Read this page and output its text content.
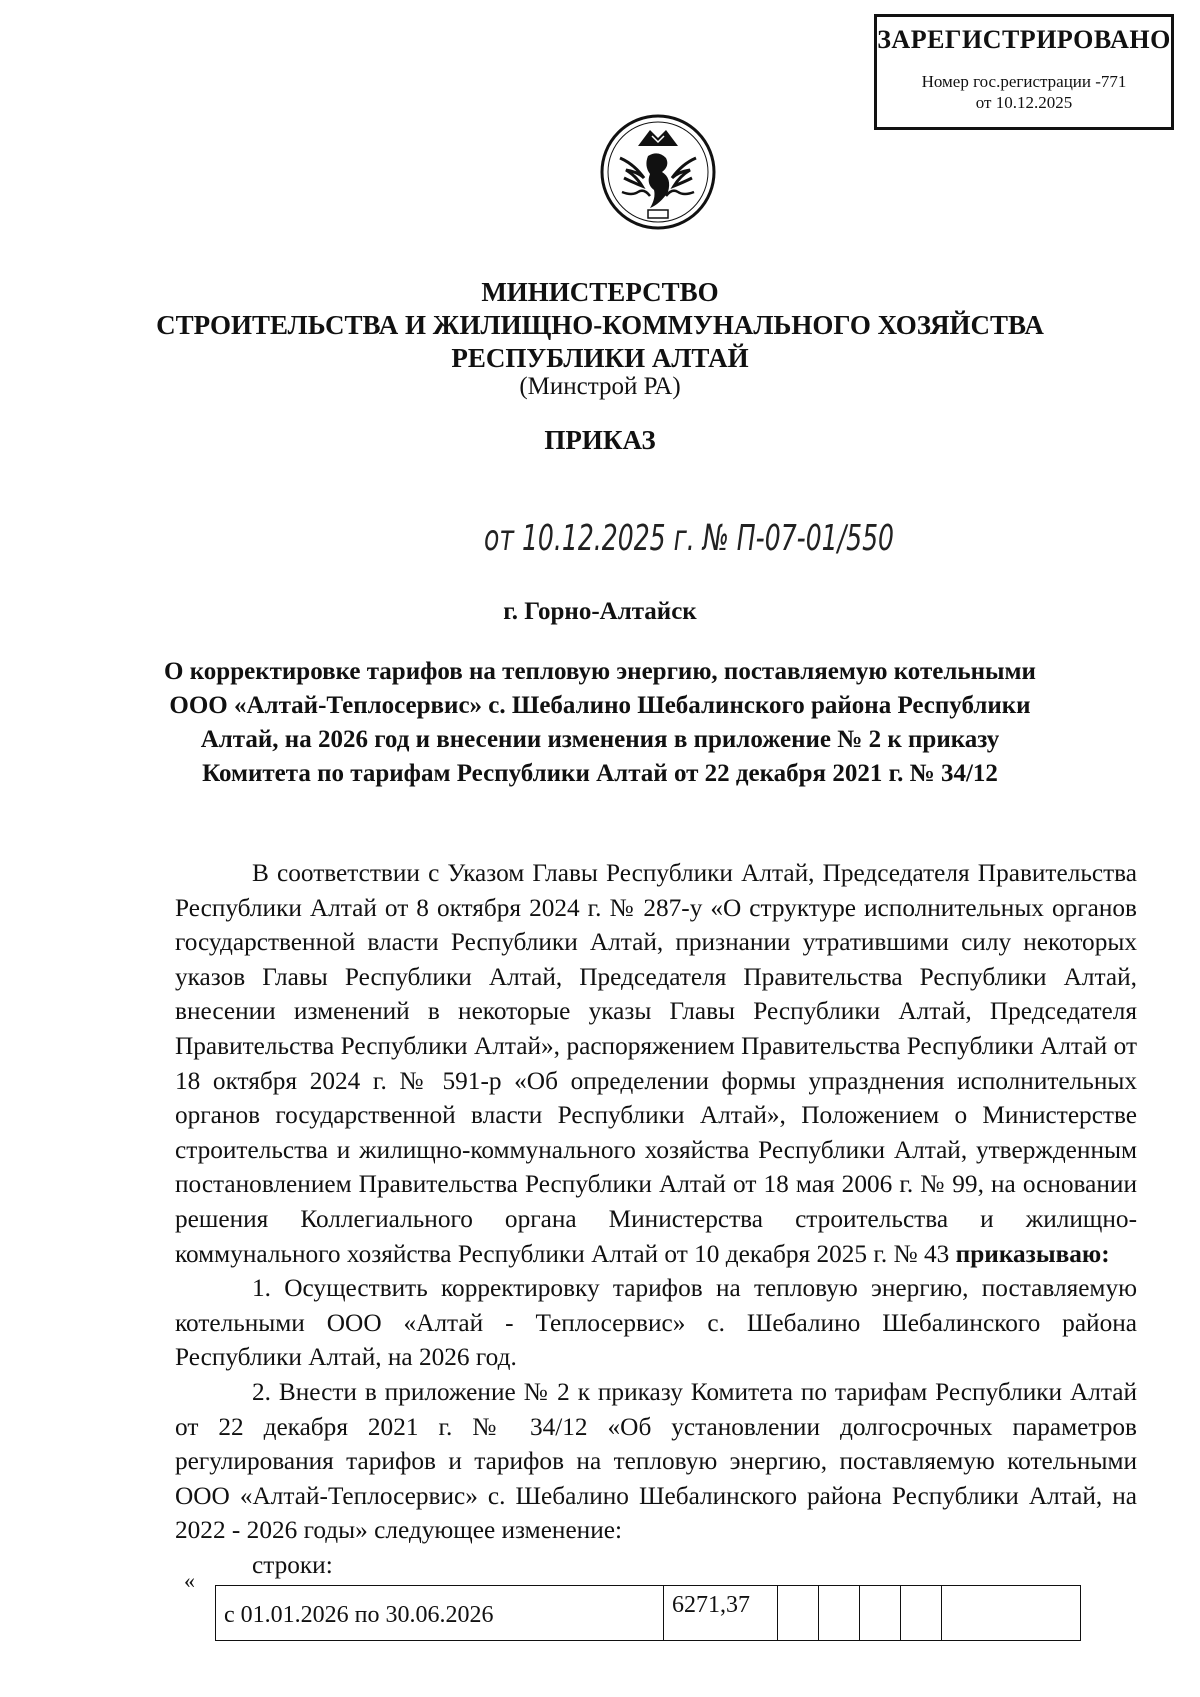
ЗАРЕГИСТРИРОВАНО
Номер гос.регистрации -771
от 10.12.2025
МИНИСТЕРСТВО
СТРОИТЕЛЬСТВА И ЖИЛИЩНО-КОММУНАЛЬНОГО ХОЗЯЙСТВА
РЕСПУБЛИКИ АЛТАЙ
(Минстрой РА)
ПРИКАЗ
от 10.12.2025 г. № П-07-01/550
г. Горно-Алтайск
О корректировке тарифов на тепловую энергию, поставляемую котельными
ООО «Алтай-Теплосервис» с. Шебалино Шебалинского района Республики
Алтай, на 2026 год и внесении изменения в приложение № 2 к приказу
Комитета по тарифам Республики Алтай от 22 декабря 2021 г. № 34/12

В соответствии с Указом Главы Республики Алтай, Председателя Правительства Республики Алтай от 8 октября 2024 г. № 287-у «О структуре исполнительных органов государственной власти Республики Алтай, признании утратившими силу некоторых указов Главы Республики Алтай, Председателя Правительства Республики Алтай, внесении изменений в некоторые указы Главы Республики Алтай, Председателя Правительства Республики Алтай», распоряжением Правительства Республики Алтай от 18 октября 2024 г. № 591-р «Об определении формы упразднения исполнительных органов государственной власти Республики Алтай», Положением о Министерстве строительства и жилищно-коммунального хозяйства Республики Алтай, утвержденным постановлением Правительства Республики Алтай от 18 мая 2006 г. № 99, на основании решения Коллегиального органа Министерства строительства и жилищно-коммунального хозяйства Республики Алтай от 10 декабря 2025 г. № 43 приказываю:

1. Осуществить корректировку тарифов на тепловую энергию, поставляемую котельными ООО «Алтай - Теплосервис» с. Шебалино Шебалинского района Республики Алтай, на 2026 год.

2. Внести в приложение № 2 к приказу Комитета по тарифам Республики Алтай от 22 декабря 2021 г. № 34/12 «Об установлении долгосрочных параметров регулирования тарифов и тарифов на тепловую энергию, поставляемую котельными ООО «Алтай-Теплосервис» с. Шебалино Шебалинского района Республики Алтай, на 2022 - 2026 годы» следующее изменение:

строки:

«
с 01.01.2026 по 30.06.2026	6271,37
